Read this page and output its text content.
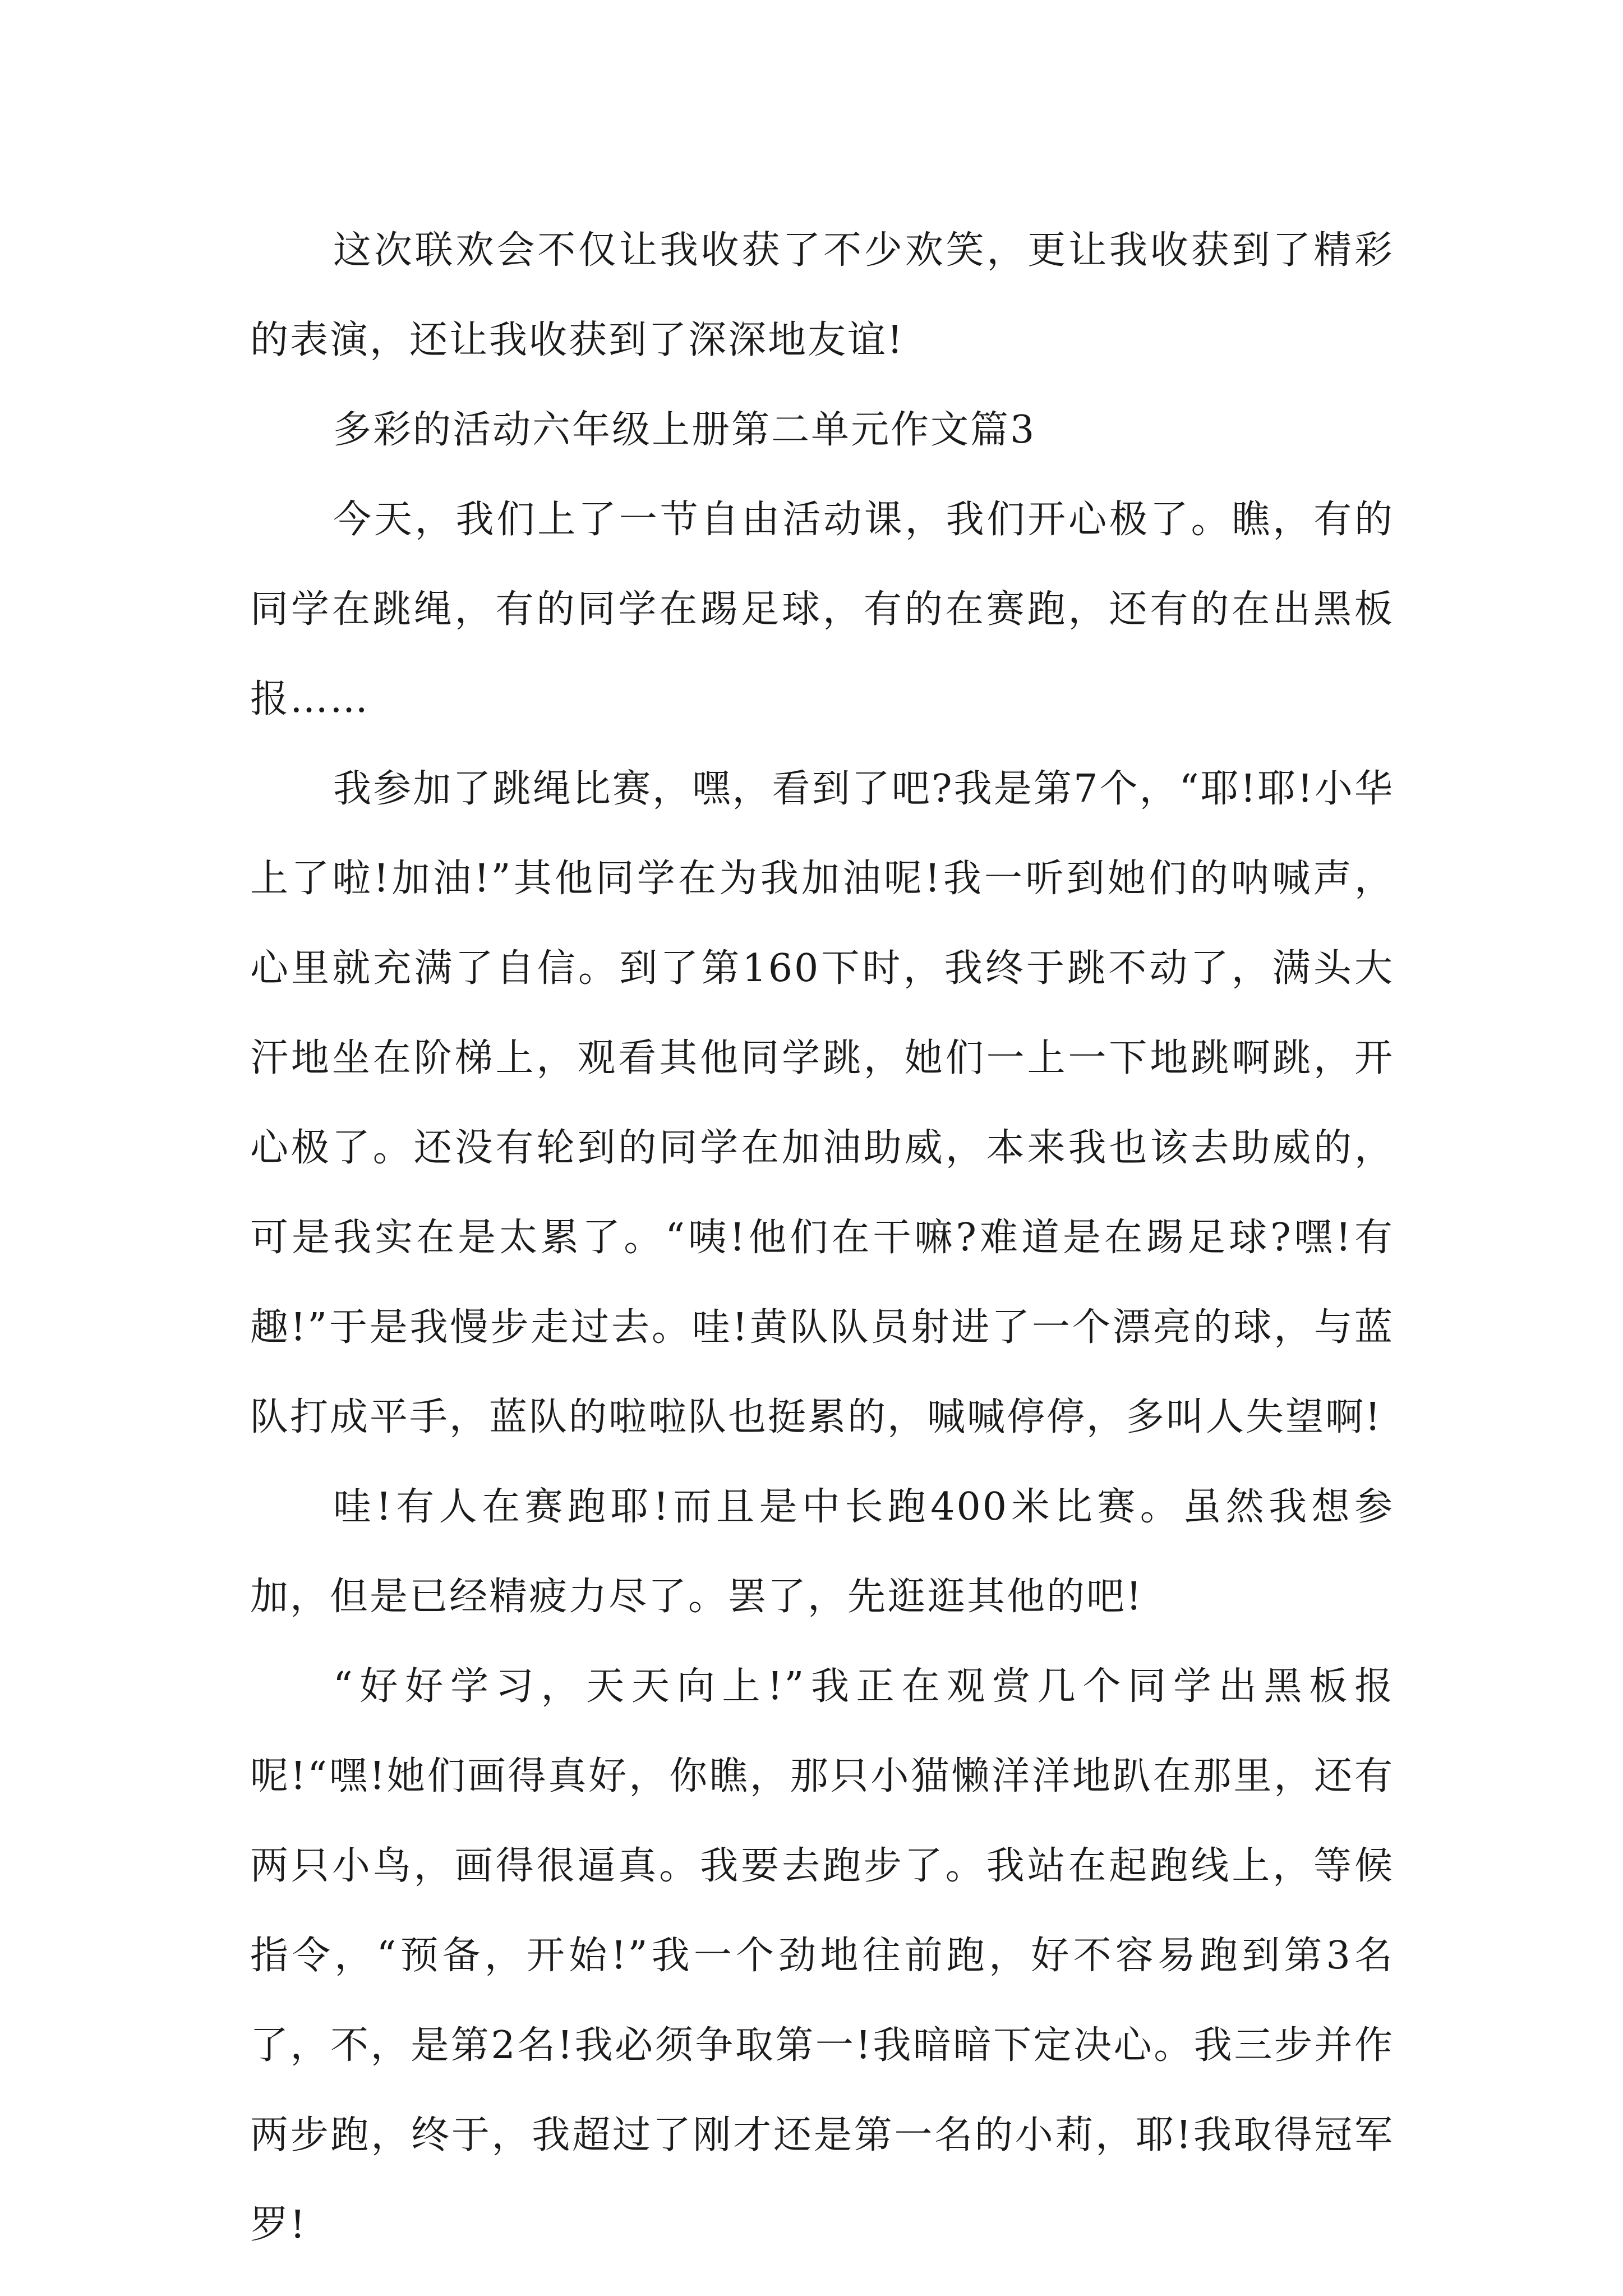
这次联欢会不仅让我收获了不少欢笑，更让我收获到了精彩的表演，还让我收获到了深深地友谊!

多彩的活动六年级上册第二单元作文篇3

今天，我们上了一节自由活动课，我们开心极了。瞧，有的同学在跳绳，有的同学在踢足球，有的在赛跑，还有的在出黑板报……

我参加了跳绳比赛，嘿，看到了吧?我是第7个，“耶!耶!小华上了啦!加油!”其他同学在为我加油呢!我一听到她们的呐喊声，心里就充满了自信。到了第160下时，我终于跳不动了，满头大汗地坐在阶梯上，观看其他同学跳，她们一上一下地跳啊跳，开心极了。还没有轮到的同学在加油助威，本来我也该去助威的，可是我实在是太累了。“咦!他们在干嘛?难道是在踢足球?嘿!有趣!”于是我慢步走过去。哇!黄队队员射进了一个漂亮的球，与蓝队打成平手，蓝队的啦啦队也挺累的，喊喊停停，多叫人失望啊!

哇!有人在赛跑耶!而且是中长跑400米比赛。虽然我想参加，但是已经精疲力尽了。罢了，先逛逛其他的吧!

“好好学习，天天向上!”我正在观赏几个同学出黑板报呢!“嘿!她们画得真好，你瞧，那只小猫懒洋洋地趴在那里，还有两只小鸟，画得很逼真。我要去跑步了。我站在起跑线上，等候指令，“预备，开始!”我一个劲地往前跑，好不容易跑到第3名了，不，是第2名!我必须争取第一!我暗暗下定决心。我三步并作两步跑，终于，我超过了刚才还是第一名的小莉，耶!我取得冠军罗!
